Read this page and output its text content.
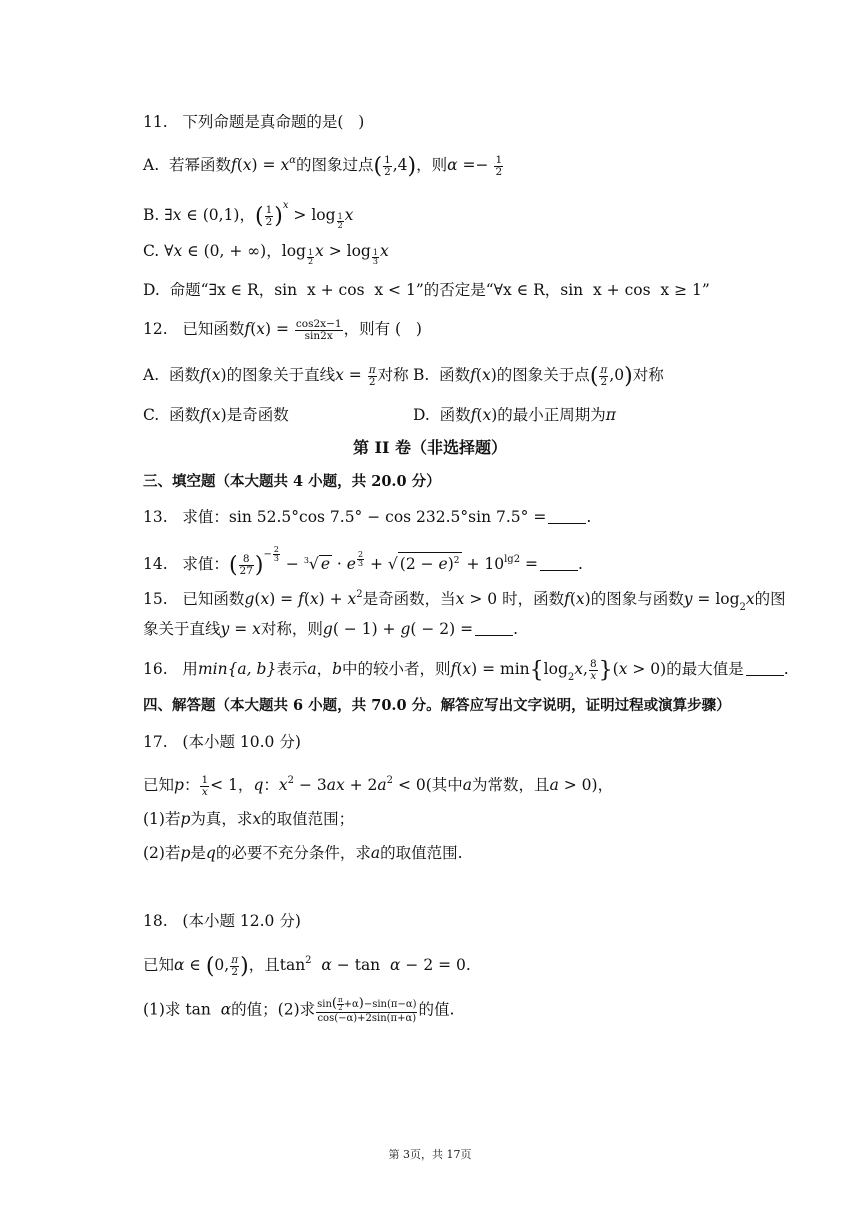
11.   下列命题是真命题的是(   )
A.  若幂函数$f(x) = x^\alpha$的图象过点( $\frac{1}{2} ,4$)，则$\alpha =- \frac{1}{2}$
B. ∃x ∈ (0,1)，( $\frac{1}{2} )^x > \log \frac{1}{2}$ x
C. ∀x ∈ (0, + ∞)，$\log \frac{1}{2}$ $x > \log \frac{1}{3}$ x
D.  命题“∃x ∈ R，sin  x + cos  x < 1”的否定是“∀x ∈ R，sin  x + cos  x ≥ 1”
12.   已知函数$f(x) = \frac{\cos 2x-1}{\sin 2x}$ ，则有 (   )
A.  函数f(x)的图象关于直线$x = \frac{\pi}{2}$ 对称 B.  函数f(x)的图象关于点( $\frac{\pi}{2} ,0$)对称
C.  函数f(x)是奇函数	D.  函数f(x)的最小正周期为π
第 II 卷（非选择题）
三、填空题（本大题共 4 小题，共 20.0 分）
13.   求值：sin 52.5°cos 7.5° − cos 232.5°sin 7.5° =	.
14.   求值：( $\frac{8}{27} )^{- \frac{2}{3}}$
− $^3$√ e · e $^{\frac{2}{3}}$ + √ $(2 - e)^2 + 10^{lg2}$ =	.
15.   已知函数$g(x) = f(x) + x^2$是奇函数，当x > 0 时，函数f(x)的图象与函数$y = \log_2x$的图
象关于直线y = x对称，则g( − 1) + g( − 2) =	.
16.   用min{a, b}表示a，b中的较小者，则$f(x) = \min\{\log_2x$, $\frac{8}{x} \}(x > 0)$的最大值是	.
四、解答题（本大题共 6 小题，共 70.0 分。解答应写出文字说明，证明过程或演算步骤）
17.   (本小题 10.0 分)
已知p： $\frac{1}{x} < 1$，q：$x^2 - 3ax + 2a^2 < 0$(其中a为常数，且a > 0)，
(1)若p为真，求x的取值范围；
(2)若p是q的必要不充分条件，求a的取值范围.
18.   (本小题 12.0 分)
已知α ∈ (0, $\frac{\pi}{2}$ )，且$\tan^2 \alpha - \tan \alpha - 2 = 0$.
(1)求 tan  α的值；(2)求 $\frac{\sin( \frac{\pi}{2} +\alpha)-\sin(\pi-\alpha)}{\cos(-\alpha)+2\sin(\pi+\alpha)}$ 的值.
第 3页，共 17页
